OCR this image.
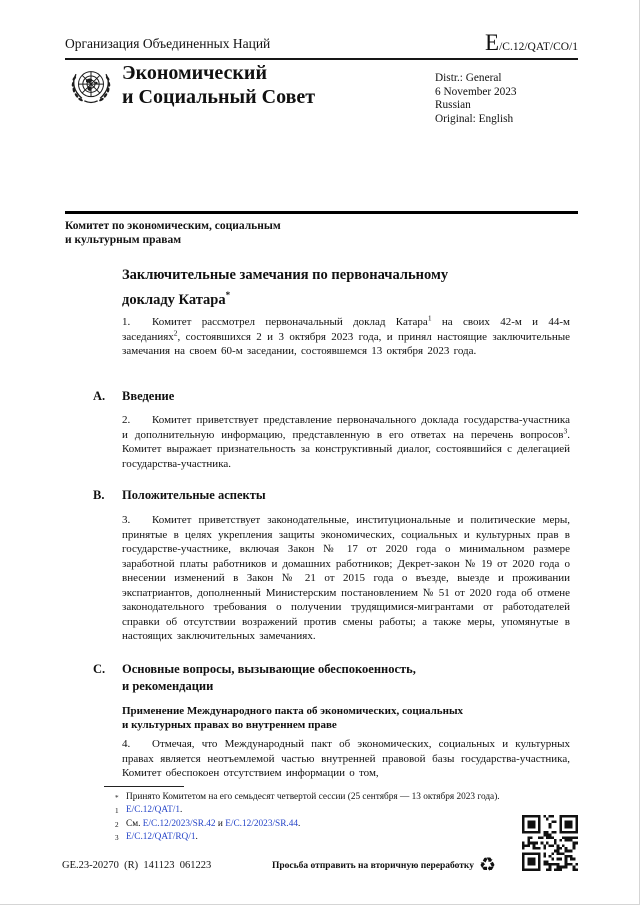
Организация Объединенных Наций	E /C.12/QAT/CO/1
Экономический
и Социальный Совет
Distr.: General
6 November 2023
Russian
Original: English
Комитет по экономическим, социальным
и культурным правам
Заключительные замечания по первоначальному
докладу Катара*

1. Комитет рассмотрел первоначальный доклад Катара$^1$ на своих 42-м и 44-м заседаниях$^2$, состоявшихся 2 и 3 октября 2023 года, и принял настоящие заключительные замечания на своем 60-м заседании, состоявшемся 13 октября 2023 года.

A.	Введение

2. Комитет приветствует представление первоначального доклада государства-участника и дополнительную информацию, представленную в его ответах на перечень вопросов$^3$. Комитет выражает признательность за конструктивный диалог, состоявшийся с делегацией государства-участника.

B.	Положительные аспекты

3. Комитет приветствует законодательные, институциональные и политические меры, принятые в целях укрепления защиты экономических, социальных и культурных прав в государстве-участнике, включая Закон № 17 от 2020 года о минимальном размере заработной платы работников и домашних работников; Декрет-закон № 19 от 2020 года о внесении изменений в Закон № 21 от 2015 года о въезде, выезде и проживании экспатриантов, дополненный Министерским постановлением № 51 от 2020 года об отмене законодательного требования о получении трудящимися-мигрантами от работодателей справки об отсутствии возражений против смены работы; а также меры, упомянутые в настоящих заключительных замечаниях.

C.	Основные вопросы, вызывающие обеспокоенность,
и рекомендации
Применение Международного пакта об экономических, социальных
и культурных правах во внутреннем праве

4. Отмечая, что Международный пакт об экономических, социальных и культурных правах является неотъемлемой частью внутренней правовой базы государства-участника, Комитет обеспокоен отсутствием информации о том,

* Принято Комитетом на его семьдесят четвертой сессии (25 сентября — 13 октября 2023 года).
1 E/C.12/QAT/1.
2 См. E/C.12/2023/SR.42 и E/C.12/2023/SR.44.
3 E/C.12/QAT/RQ/1.
GE.23-20270  (R)  141123  061223	Просьба отправить на вторичную переработку ♻
